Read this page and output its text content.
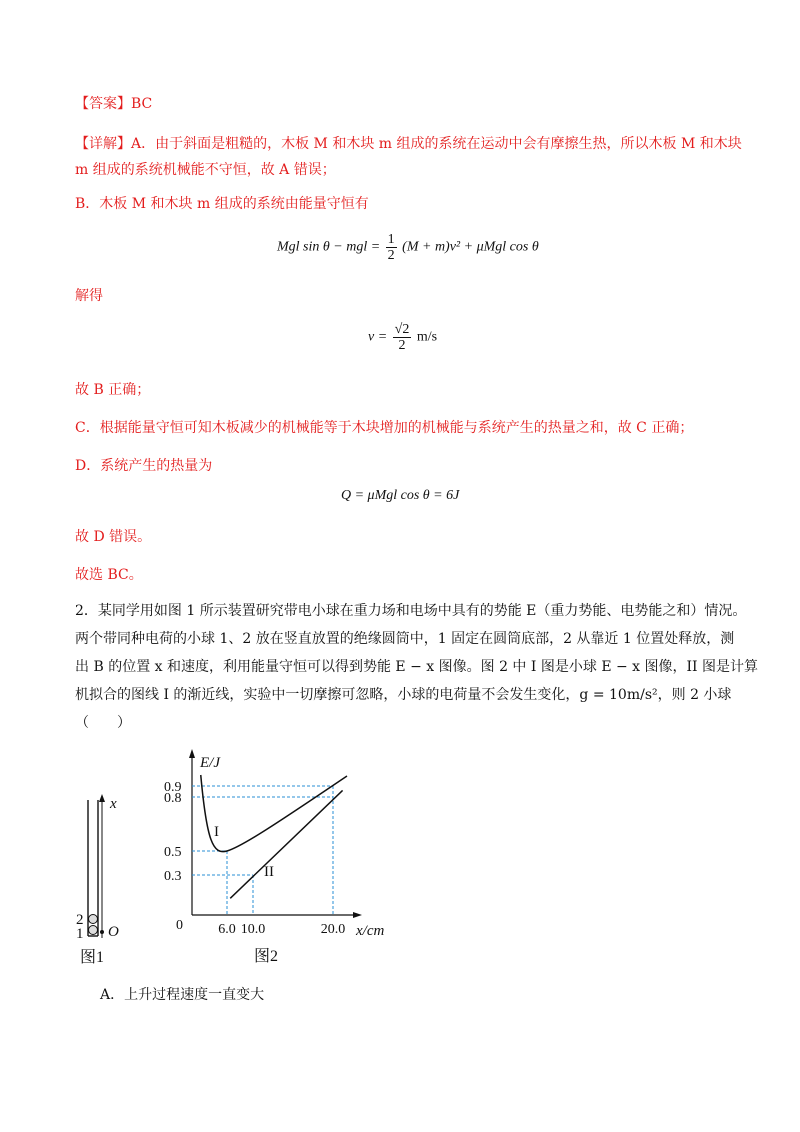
【答案】BC
【详解】A．由于斜面是粗糙的，木板 M 和木块 m 组成的系统在运动中会有摩擦生热，所以木板 M 和木块
m 组成的系统机械能不守恒，故 A 错误；
B．木板 M 和木块 m 组成的系统由能量守恒有
Mgl sin θ − mgl = $\frac{1}{2} (M + m)v^2 + \mu Mgl$ cos θ
解得
$v = \frac{√2}{2} m/s$
故 B 正确；
C．根据能量守恒可知木板减少的机械能等于木块增加的机械能与系统产生的热量之和，故 C 正确；
D．系统产生的热量为
Q = μMgl cos θ = 6J
故 D 错误。
故选 BC。
2．某同学用如图 1 所示装置研究带电小球在重力场和电场中具有的势能 E（重力势能、电势能之和）情况。
两个带同种电荷的小球 1、2 放在竖直放置的绝缘圆筒中，1 固定在圆筒底部，2 从靠近 1 位置处释放，测
出 B 的位置 x 和速度，利用能量守恒可以得到势能 E − x 图像。图 2 中 I 图是小球 E − x 图像，II 图是计算
机拟合的图线 I 的渐近线，实验中一切摩擦可忽略，小球的电荷量不会发生变化，g = 10m/s²，则 2 小球
（　　）
x
2
1 O
图1
E/J
x/cm
0
0.9
0.8
0.5
0.3
6.0 10.0	20.0
I
II
图2
A．上升过程速度一直变大
